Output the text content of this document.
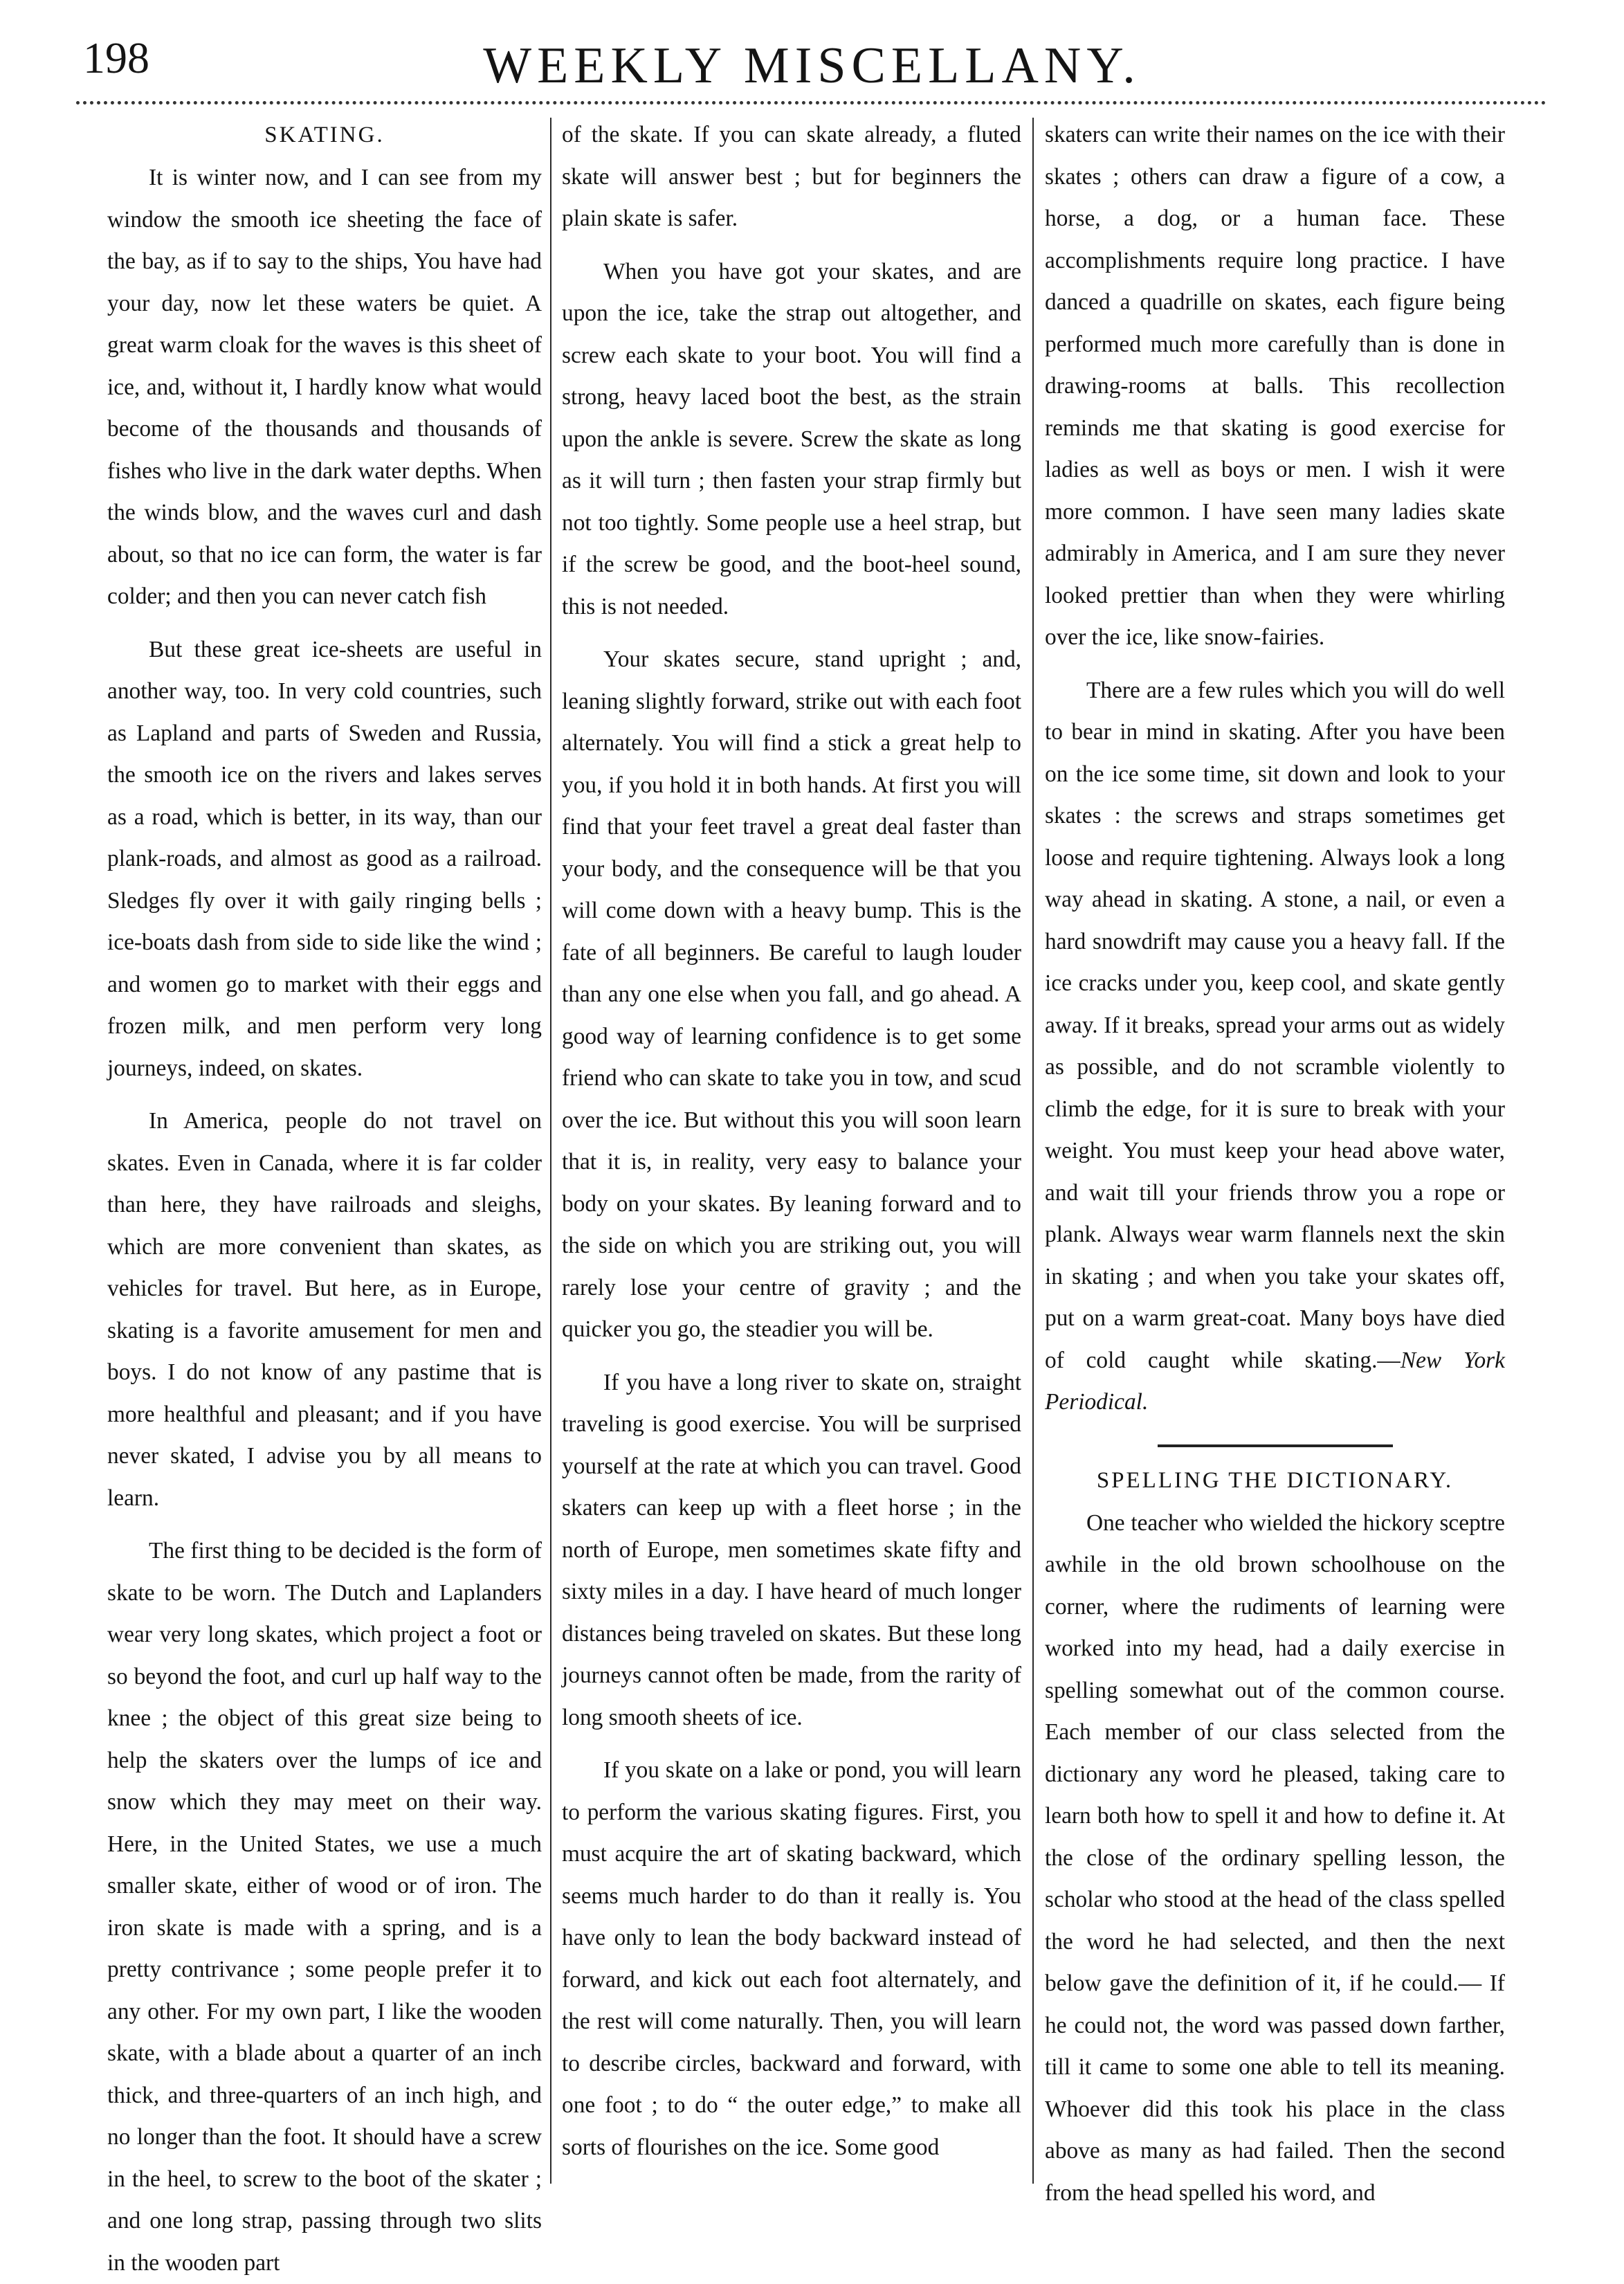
198	WEEKLY MISCELLANY.
SKATING.

It is winter now, and I can see from my window the smooth ice sheeting the face of the bay, as if to say to the ships, You have had your day, now let these waters be quiet. A great warm cloak for the waves is this sheet of ice, and, without it, I hardly know what would become of the thousands and thousands of fishes who live in the dark water depths. When the winds blow, and the waves curl and dash about, so that no ice can form, the water is far colder; and then you can never catch fish

But these great ice-sheets are useful in another way, too. In very cold countries, such as Lapland and parts of Sweden and Russia, the smooth ice on the rivers and lakes serves as a road, which is better, in its way, than our plank-roads, and almost as good as a railroad. Sledges fly over it with gaily ringing bells ; ice-boats dash from side to side like the wind ; and women go to market with their eggs and frozen milk, and men perform very long journeys, indeed, on skates.

In America, people do not travel on skates. Even in Canada, where it is far colder than here, they have railroads and sleighs, which are more convenient than skates, as vehicles for travel. But here, as in Europe, skating is a favorite amusement for men and boys. I do not know of any pastime that is more healthful and pleasant; and if you have never skated, I advise you by all means to learn.

The first thing to be decided is the form of skate to be worn. The Dutch and Laplanders wear very long skates, which project a foot or so beyond the foot, and curl up half way to the knee ; the object of this great size being to help the skaters over the lumps of ice and snow which they may meet on their way. Here, in the United States, we use a much smaller skate, either of wood or of iron. The iron skate is made with a spring, and is a pretty contrivance ; some people prefer it to any other. For my own part, I like the wooden skate, with a blade about a quarter of an inch thick, and three-quarters of an inch high, and no longer than the foot. It should have a screw in the heel, to screw to the boot of the skater ; and one long strap, passing through two slits in the wooden part

of the skate. If you can skate already, a fluted skate will answer best ; but for beginners the plain skate is safer.

When you have got your skates, and are upon the ice, take the strap out altogether, and screw each skate to your boot. You will find a strong, heavy laced boot the best, as the strain upon the ankle is severe. Screw the skate as long as it will turn ; then fasten your strap firmly but not too tightly. Some people use a heel strap, but if the screw be good, and the boot-heel sound, this is not needed.

Your skates secure, stand upright ; and, leaning slightly forward, strike out with each foot alternately. You will find a stick a great help to you, if you hold it in both hands. At first you will find that your feet travel a great deal faster than your body, and the consequence will be that you will come down with a heavy bump. This is the fate of all beginners. Be careful to laugh louder than any one else when you fall, and go ahead. A good way of learning confidence is to get some friend who can skate to take you in tow, and scud over the ice. But without this you will soon learn that it is, in reality, very easy to balance your body on your skates. By leaning forward and to the side on which you are striking out, you will rarely lose your centre of gravity ; and the quicker you go, the steadier you will be.

If you have a long river to skate on, straight traveling is good exercise. You will be surprised yourself at the rate at which you can travel. Good skaters can keep up with a fleet horse ; in the north of Europe, men sometimes skate fifty and sixty miles in a day. I have heard of much longer distances being traveled on skates. But these long journeys cannot often be made, from the rarity of long smooth sheets of ice.

If you skate on a lake or pond, you will learn to perform the various skating figures. First, you must acquire the art of skating backward, which seems much harder to do than it really is. You have only to lean the body backward instead of forward, and kick out each foot alternately, and the rest will come naturally. Then, you will learn to describe circles, backward and forward, with one foot ; to do “ the outer edge,” to make all sorts of flourishes on the ice. Some good

skaters can write their names on the ice with their skates ; others can draw a figure of a cow, a horse, a dog, or a human face. These accomplishments require long practice. I have danced a quadrille on skates, each figure being performed much more carefully than is done in drawing-rooms at balls. This recollection reminds me that skating is good exercise for ladies as well as boys or men. I wish it were more common. I have seen many ladies skate admirably in America, and I am sure they never looked prettier than when they were whirling over the ice, like snow-fairies.

There are a few rules which you will do well to bear in mind in skating. After you have been on the ice some time, sit down and look to your skates : the screws and straps sometimes get loose and require tightening. Always look a long way ahead in skating. A stone, a nail, or even a hard snowdrift may cause you a heavy fall. If the ice cracks under you, keep cool, and skate gently away. If it breaks, spread your arms out as widely as possible, and do not scramble violently to climb the edge, for it is sure to break with your weight. You must keep your head above water, and wait till your friends throw you a rope or plank. Always wear warm flannels next the skin in skating ; and when you take your skates off, put on a warm great-coat. Many boys have died of cold caught while skating.—New York Periodical.

SPELLING THE DICTIONARY.

One teacher who wielded the hickory sceptre awhile in the old brown schoolhouse on the corner, where the rudiments of learning were worked into my head, had a daily exercise in spelling somewhat out of the common course. Each member of our class selected from the dictionary any word he pleased, taking care to learn both how to spell it and how to define it. At the close of the ordinary spelling lesson, the scholar who stood at the head of the class spelled the word he had selected, and then the next below gave the definition of it, if he could.— If he could not, the word was passed down farther, till it came to some one able to tell its meaning. Whoever did this took his place in the class above as many as had failed. Then the second from the head spelled his word, and
